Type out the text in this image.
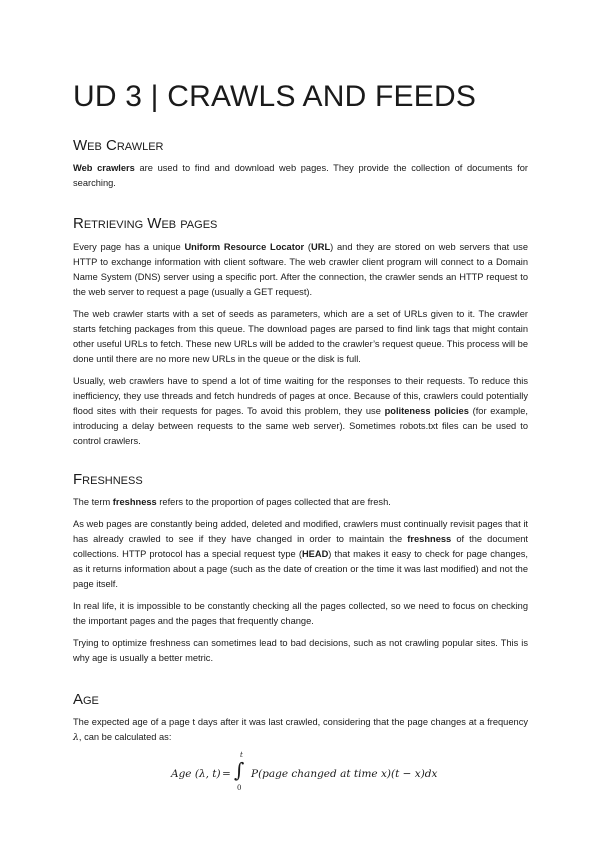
UD 3 | CRAWLS AND FEEDS
Web Crawler

Web crawlers are used to find and download web pages. They provide the collection of documents for searching.

Retrieving Web pages

Every page has a unique Uniform Resource Locator (URL) and they are stored on web servers that use HTTP to exchange information with client software. The web crawler client program will connect to a Domain Name System (DNS) server using a specific port. After the connection, the crawler sends an HTTP request to the web server to request a page (usually a GET request).

The web crawler starts with a set of seeds as parameters, which are a set of URLs given to it. The crawler starts fetching packages from this queue. The download pages are parsed to find link tags that might contain other useful URLs to fetch. These new URLs will be added to the crawler’s request queue. This process will be done until there are no more new URLs in the queue or the disk is full.

Usually, web crawlers have to spend a lot of time waiting for the responses to their requests. To reduce this inefficiency, they use threads and fetch hundreds of pages at once. Because of this, crawlers could potentially flood sites with their requests for pages. To avoid this problem, they use politeness policies (for example, introducing a delay between requests to the same web server). Sometimes robots.txt files can be used to control crawlers.

Freshness

The term freshness refers to the proportion of pages collected that are fresh.

As web pages are constantly being added, deleted and modified, crawlers must continually revisit pages that it has already crawled to see if they have changed in order to maintain the freshness of the document collections. HTTP protocol has a special request type (HEAD) that makes it easy to check for page changes, as it returns information about a page (such as the date of creation or the time it was last modified) and not the page itself.

In real life, it is impossible to be constantly checking all the pages collected, so we need to focus on checking the important pages and the pages that frequently change.

Trying to optimize freshness can sometimes lead to bad decisions, such as not crawling popular sites. This is why age is usually a better metric.

Age

The expected age of a page t days after it was last crawled, considering that the page changes at a frequency λ, can be calculated as:

Age (λ, t) = ∫
t
0
P(page changed at time x)(t − x)dx
